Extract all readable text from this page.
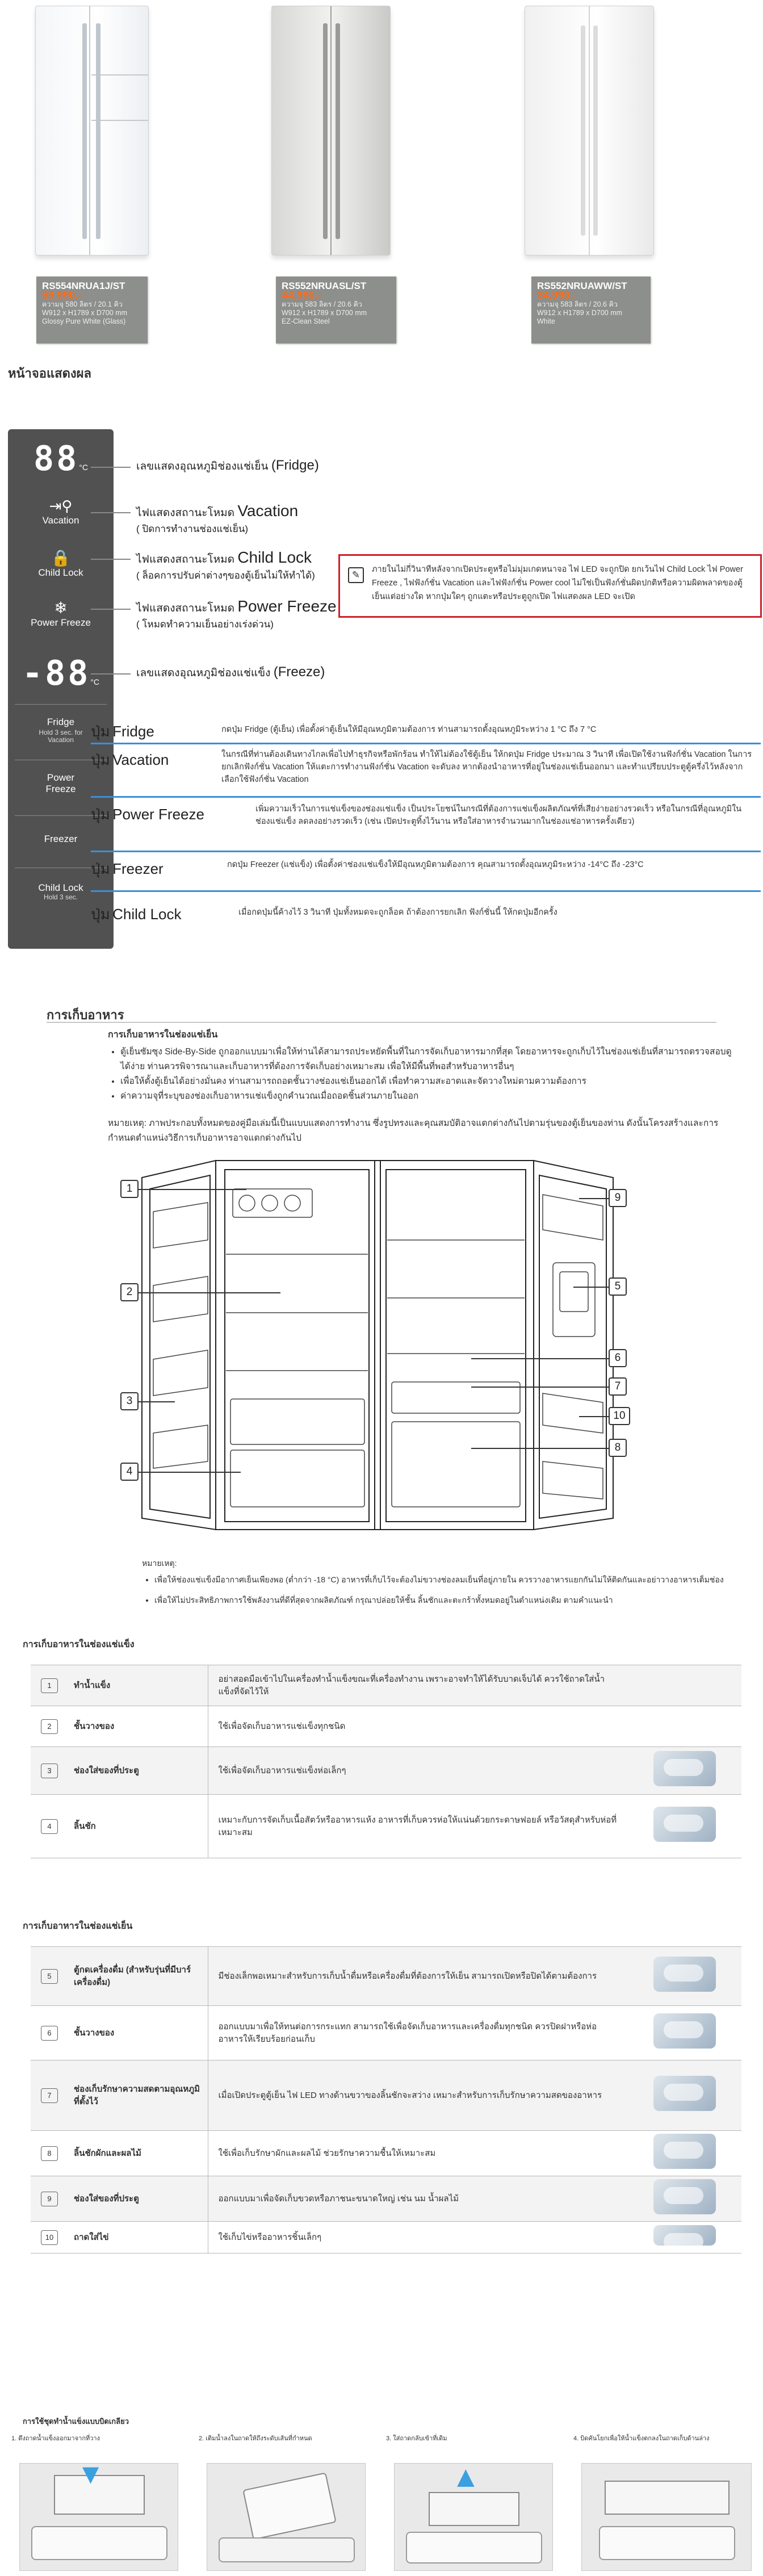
RS554NRUA1J/ST
59,990.-
ความจุ 580 ลิตร / 20.1 คิว
W912 x H1789 x D700 mm
Glossy Pure White (Glass)
RS552NRUASL/ST
44,990.-
ความจุ 583 ลิตร / 20.6 คิว
W912 x H1789 x D700 mm
EZ-Clean Steel
RS552NRUAWW/ST
34,990.-
ความจุ 583 ลิตร / 20.6 คิว
W912 x H1789 x D700 mm
White
หน้าจอแสดงผล
88°C
⇥⚲
Vacation
🔒
Child Lock
❄
Power Freeze
-88°C
Fridge
Hold 3 sec. for Vacation
Power Freeze
Freezer
Child Lock
Hold 3 sec.
เลขแสดงอุณหภูมิช่องแช่เย็น (Fridge)
ไฟแสดงสถานะโหมด Vacation
( ปิดการทำงานช่องแช่เย็น)
ไฟแสดงสถานะโหมด Child Lock
( ล็อคการปรับค่าต่างๆของตู้เย็นไม่ให้ทำได้)
ไฟแสดงสถานะโหมด Power Freeze
( โหมดทำความเย็นอย่างเร่งด่วน)
เลขแสดงอุณหภูมิช่องแช่แข็ง (Freeze)
✎	ภายในไม่กี่วินาทีหลังจากเปิดประตูหรือไม่มุ่มเกดหนาจอ ไฟ LED จะถูกปิด ยกเว้นไฟ Child Lock ไฟ Power Freeze , ไฟฟังก์ชั่น Vacation และไฟฟังก์ชั่น Power cool ไม่ใช่เป็นฟังก์ชั่นผิดปกติหรือความผิดพลาดของตู้เย็นแต่อย่างใด หากปุ่มใดๆ ถูกแตะหรือประตูถูกเปิด ไฟแสดงผล LED จะเปิด
ปุ่ม Fridge	กดปุ่ม Fridge (ตู้เย็น) เพื่อตั้งค่าตู้เย็นให้มีอุณหภูมิตามต้องการ ท่านสามารถตั้งอุณหภูมิระหว่าง 1 °C ถึง 7 °C
ปุ่ม Vacation	ในกรณีที่ท่านต้องเดินทางไกลเพื่อไปทำธุรกิจหรือพักร้อน ทำให้ไม่ต้องใช้ตู้เย็น ให้กดปุ่ม Fridge ประมาณ 3 วินาที เพื่อเปิดใช้งานฟังก์ชั่น Vacation ในการยกเลิกฟังก์ชั่น Vacation ให้แตะการทำงานฟังก์ชั่น Vacation จะดับลง หากต้องนำอาหารที่อยู่ในช่องแช่เย็นออกมา และทำแปรียบประตูตู้ครึ่งไว้หลังจากเลือกใช้ฟังก์ชั่น Vacation
ปุ่ม Power Freeze	เพิ่มความเร็วในการแช่แข็งของช่องแช่แข็ง เป็นประโยชน์ในกรณีที่ต้องการแช่แข็งผลิตภัณฑ์ที่เสียง่ายอย่างรวดเร็ว หรือในกรณีที่อุณหภูมิในช่องแช่แข็ง ลดลงอย่างรวดเร็ว (เช่น เปิดประตูทิ้งไว้นาน หรือใส่อาหารจำนวนมากในช่องแช่อาหารครั้งเดียว)
ปุ่ม Freezer	กดปุ่ม Freezer (แช่แข็ง) เพื่อตั้งค่าช่องแช่แข็งให้มีอุณหภูมิตามต้องการ คุณสามารถตั้งอุณหภูมิระหว่าง -14°C ถึง -23°C
ปุ่ม Child Lock	เมื่อกดปุ่มนี้ค้างไว้ 3 วินาที ปุ่มทั้งหมดจะถูกล็อค ถ้าต้องการยกเลิก ฟังก์ชั่นนี้ ให้กดปุ่มอีกครั้ง
การเก็บอาหาร
การเก็บอาหารในช่องแช่เย็น
• ตู้เย็นซัมซุง Side-By-Side ถูกออกแบบมาเพื่อให้ท่านได้สามารถประหยัดพื้นที่ในการจัดเก็บอาหารมากที่สุด โดยอาหารจะถูกเก็บไว้ในช่องแช่เย็นที่สามารถตรวจสอบดูได้ง่าย ท่านควรพิจารณาและเก็บอาหารที่ต้องการจัดเก็บอย่างเหมาะสม เพื่อให้มีพื้นที่พอสำหรับอาหารอื่นๆ
• เพื่อให้ตั้งตู้เย็นได้อย่างมั่นคง ท่านสามารถถอดชั้นวางช่องแช่เย็นออกได้ เพื่อทำความสะอาดและจัดวางใหม่ตามความต้องการ
• ค่าความจุที่ระบุของช่องเก็บอาหารแช่แข็งถูกคำนวณเมื่อถอดชิ้นส่วนภายในออก
หมายเหตุ: ภาพประกอบทั้งหมดของคู่มือเล่มนี้เป็นแบบแสดงการทำงาน ซึ่งรูปทรงและคุณสมบัติอาจแตกต่างกันไปตามรุ่นของตู้เย็นของท่าน ดังนั้นโครงสร้างและการกำหนดตำแหน่งวิธีการเก็บอาหารอาจแตกต่างกันไป
1
2
3
4
5
6
7
8
9
10
หมายเหตุ:
• เพื่อให้ช่องแช่แข็งมีอากาศเย็นเพียงพอ (ต่ำกว่า -18 °C) อาหารที่เก็บไว้จะต้องไม่ขวางช่องลมเย็นที่อยู่ภายใน ควรวางอาหารแยกกันไม่ให้ติดกันและอย่าวางอาหารเต็มช่อง
• เพื่อให้ไม่ประสิทธิภาพการใช้พลังงานที่ดีที่สุดจากผลิตภัณฑ์ กรุณาปล่อยให้ชั้น ลิ้นชักและตะกร้าทั้งหมดอยู่ในตำแหน่งเดิม ตามคำแนะนำ
การเก็บอาหารในช่องแช่แข็ง
1	ทำน้ำแข็ง	อย่าสอดมือเข้าไปในเครื่องทำน้ำแข็งขณะที่เครื่องทำงาน เพราะอาจทำให้ได้รับบาดเจ็บได้ ควรใช้ถาดใส่น้ำแข็งที่จัดไว้ให้	
2	ชั้นวางของ	ใช้เพื่อจัดเก็บอาหารแช่แข็งทุกชนิด	
3	ช่องใส่ของที่ประตู	ใช้เพื่อจัดเก็บอาหารแช่แข็งห่อเล็กๆ	
4	ลิ้นชัก	เหมาะกับการจัดเก็บเนื้อสัตว์หรืออาหารแห้ง อาหารที่เก็บควรห่อให้แน่นด้วยกระดาษฟอยล์ หรือวัสดุสำหรับห่อที่เหมาะสม	
การเก็บอาหารในช่องแช่เย็น
5	ตู้กดเครื่องดื่ม (สำหรับรุ่นที่มีบาร์เครื่องดื่ม)	มีช่องเล็กพอเหมาะสำหรับการเก็บน้ำดื่มหรือเครื่องดื่มที่ต้องการให้เย็น สามารถเปิดหรือปิดได้ตามต้องการ	
6	ชั้นวางของ	ออกแบบมาเพื่อให้ทนต่อการกระแทก สามารถใช้เพื่อจัดเก็บอาหารและเครื่องดื่มทุกชนิด ควรปิดฝาหรือห่ออาหารให้เรียบร้อยก่อนเก็บ	
7	ช่องเก็บรักษาความสดตามอุณหภูมิที่ตั้งไว้	เมื่อเปิดประตูตู้เย็น ไฟ LED ทางด้านขวาของลิ้นชักจะสว่าง เหมาะสำหรับการเก็บรักษาความสดของอาหาร	
8	ลิ้นชักผักและผลไม้	ใช้เพื่อเก็บรักษาผักและผลไม้ ช่วยรักษาความชื้นให้เหมาะสม	
9	ช่องใส่ของที่ประตู	ออกแบบมาเพื่อจัดเก็บขวดหรือภาชนะขนาดใหญ่ เช่น นม น้ำผลไม้	
10	ถาดใส่ไข่	ใช้เก็บไข่หรืออาหารชิ้นเล็กๆ	
การใช้ชุดทำน้ำแข็งแบบบิดเกลียว
1. ดึงถาดน้ำแข็งออกมาจากที่วาง
▼
2. เติมน้ำลงในถาดให้ถึงระดับเส้นที่กำหนด	3. ใส่ถาดกลับเข้าที่เดิม
▲
4. บิดคันโยกเพื่อให้น้ำแข็งตกลงในถาดเก็บด้านล่าง
